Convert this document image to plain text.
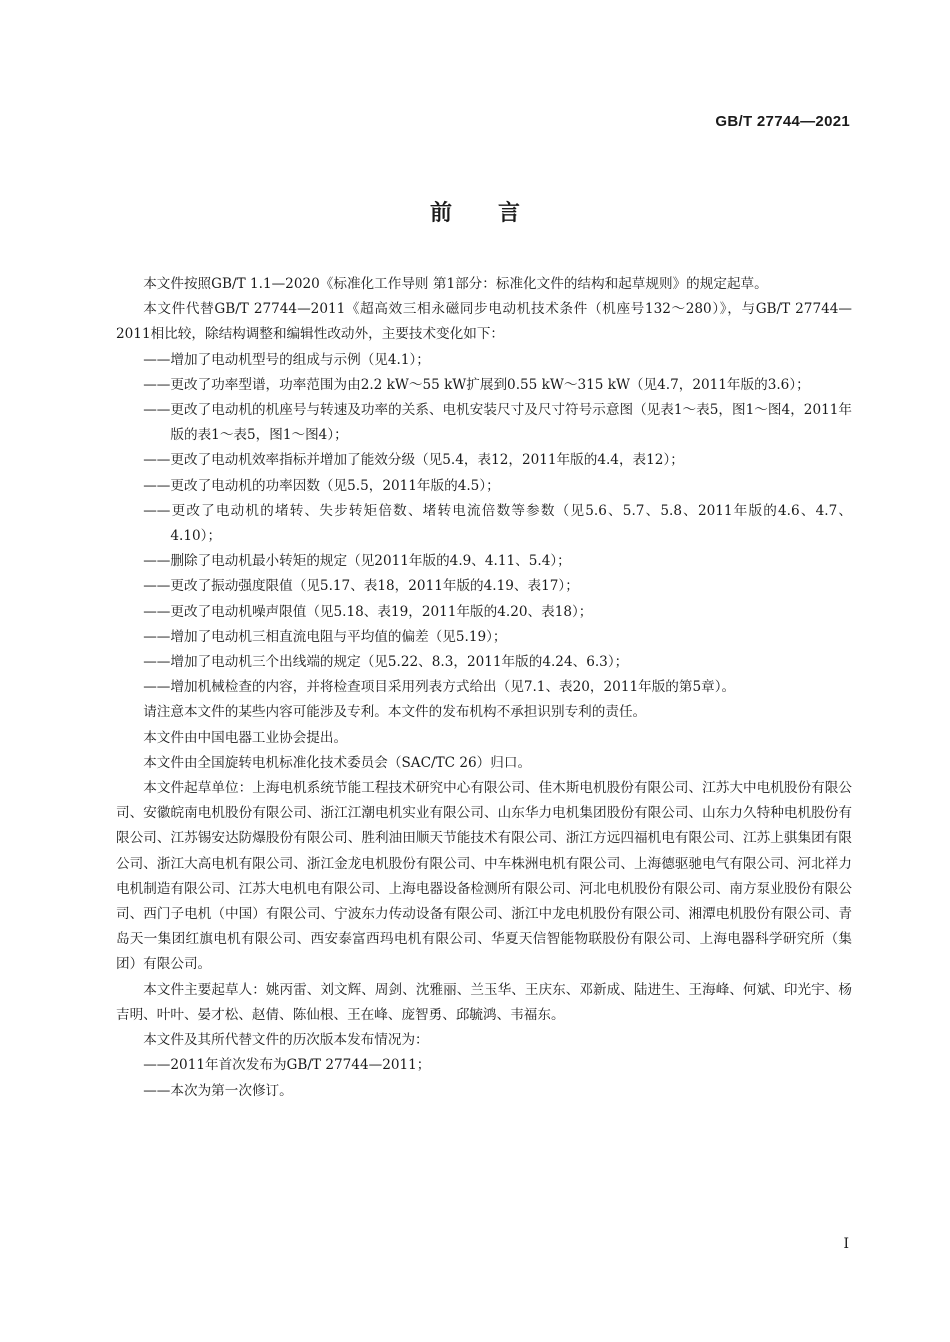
GB/T 27744—2021
前言

本文件按照GB/T 1.1—2020《标准化工作导则 第1部分：标准化文件的结构和起草规则》的规定起草。

本文件代替GB/T 27744—2011《超高效三相永磁同步电动机技术条件（机座号132～280）》，与GB/T 27744—2011相比较，除结构调整和编辑性改动外，主要技术变化如下：

——增加了电动机型号的组成与示例（见4.1）；

——更改了功率型谱，功率范围为由2.2 kW～55 kW扩展到0.55 kW～315 kW（见4.7，2011年版的3.6）；

——更改了电动机的机座号与转速及功率的关系、电机安装尺寸及尺寸符号示意图（见表1～表5，图1～图4，2011年版的表1～表5，图1～图4）；

——更改了电动机效率指标并增加了能效分级（见5.4，表12，2011年版的4.4，表12）；

——更改了电动机的功率因数（见5.5，2011年版的4.5）；

——更改了电动机的堵转、失步转矩倍数、堵转电流倍数等参数（见5.6、5.7、5.8、2011年版的4.6、4.7、4.10）；

——删除了电动机最小转矩的规定（见2011年版的4.9、4.11、5.4）；

——更改了振动强度限值（见5.17、表18，2011年版的4.19、表17）；

——更改了电动机噪声限值（见5.18、表19，2011年版的4.20、表18）；

——增加了电动机三相直流电阻与平均值的偏差（见5.19）；

——增加了电动机三个出线端的规定（见5.22、8.3，2011年版的4.24、6.3）；

——增加机械检查的内容，并将检查项目采用列表方式给出（见7.1、表20，2011年版的第5章）。

请注意本文件的某些内容可能涉及专利。本文件的发布机构不承担识别专利的责任。

本文件由中国电器工业协会提出。

本文件由全国旋转电机标准化技术委员会（SAC/TC 26）归口。

本文件起草单位：上海电机系统节能工程技术研究中心有限公司、佳木斯电机股份有限公司、江苏大中电机股份有限公司、安徽皖南电机股份有限公司、浙江江潮电机实业有限公司、山东华力电机集团股份有限公司、山东力久特种电机股份有限公司、江苏锡安达防爆股份有限公司、胜利油田顺天节能技术有限公司、浙江方远四福机电有限公司、江苏上骐集团有限公司、浙江大高电机有限公司、浙江金龙电机股份有限公司、中车株洲电机有限公司、上海德驱驰电气有限公司、河北祥力电机制造有限公司、江苏大电机电有限公司、上海电器设备检测所有限公司、河北电机股份有限公司、南方泵业股份有限公司、西门子电机（中国）有限公司、宁波东力传动设备有限公司、浙江中龙电机股份有限公司、湘潭电机股份有限公司、青岛天一集团红旗电机有限公司、西安泰富西玛电机有限公司、华夏天信智能物联股份有限公司、上海电器科学研究所（集团）有限公司。

本文件主要起草人：姚丙雷、刘文辉、周剑、沈雅丽、兰玉华、王庆东、邓新成、陆进生、王海峰、何斌、印光宇、杨吉明、叶叶、晏才松、赵倩、陈仙根、王在峰、庞智勇、邱毓鸿、韦福东。

本文件及其所代替文件的历次版本发布情况为：

——2011年首次发布为GB/T 27744—2011；

——本次为第一次修订。

I
